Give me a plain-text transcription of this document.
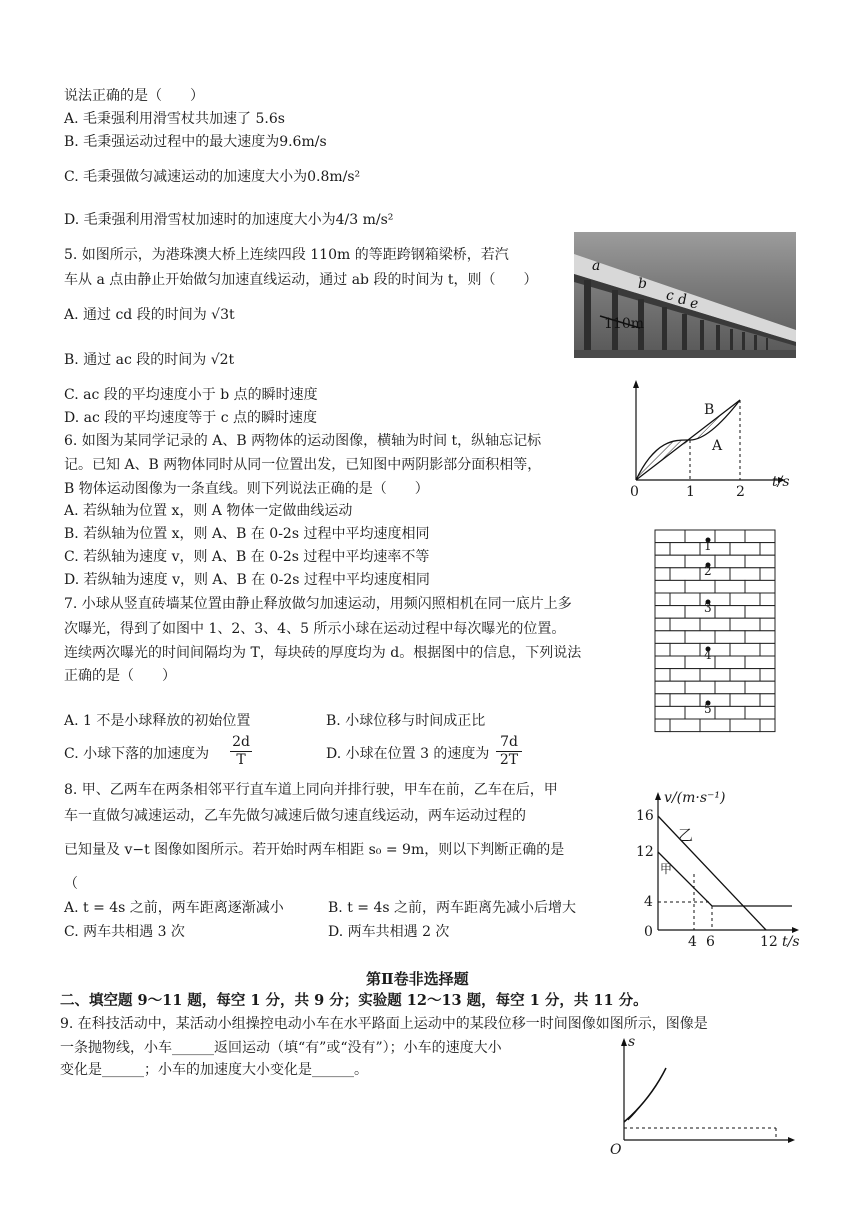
说法正确的是（　　）
A. 毛秉强利用滑雪杖共加速了 5.6s
B. 毛秉强运动过程中的最大速度为9.6m/s
C. 毛秉强做匀减速运动的加速度大小为0.8m/s²
D. 毛秉强利用滑雪杖加速时的加速度大小为4/3 m/s²
5. 如图所示，为港珠澳大桥上连续四段 110m 的等距跨钢箱梁桥，若汽
车从 a 点由静止开始做匀加速直线运动，通过 ab 段的时间为 t，则（　　）
A. 通过 cd 段的时间为 √3t
B. 通过 ac 段的时间为 √2t
C. ac 段的平均速度小于 b 点的瞬时速度
D. ac 段的平均速度等于 c 点的瞬时速度
a
b
c d e
110m
6. 如图为某同学记录的 A、B 两物体的运动图像，横轴为时间 t，纵轴忘记标
记。已知 A、B 两物体同时从同一位置出发，已知图中两阴影部分面积相等，
B 物体运动图像为一条直线。则下列说法正确的是（　　）
A. 若纵轴为位置 x，则 A 物体一定做曲线运动
B. 若纵轴为位置 x，则 A、B 在 0-2s 过程中平均速度相同
C. 若纵轴为速度 v，则 A、B 在 0-2s 过程中平均速率不等
D. 若纵轴为速度 v，则 A、B 在 0-2s 过程中平均速度相同
0	1	2
t/s
A
B
7. 小球从竖直砖墙某位置由静止释放做匀加速运动，用频闪照相机在同一底片上多
次曝光，得到了如图中 1、2、3、4、5 所示小球在运动过程中每次曝光的位置。
连续两次曝光的时间间隔均为 T，每块砖的厚度均为 d。根据图中的信息，下列说法
正确的是（　　）
A. 1 不是小球释放的初始位置	B. 小球位移与时间成正比
C. 小球下落的加速度为 $\frac{2d}{T}$	D. 小球在位置 3 的速度为 $\frac{7d}{2T}$
1
2
3
4
5
8. 甲、乙两车在两条相邻平行直车道上同向并排行驶，甲车在前，乙车在后，甲
车一直做匀减速运动，乙车先做匀减速后做匀速直线运动，两车运动过程的
已知量及 v−t 图像如图所示。若开始时两车相距 s₀ = 9m，则以下判断正确的是
（
A. t = 4s 之前，两车距离逐渐减小	B. t = 4s 之前，两车距离先减小后增大
C. 两车共相遇 3 次	D. 两车共相遇 2 次
v/(m·s⁻¹)
16
12
4
0
4 6	12 t/s
甲
乙
第Ⅱ卷非选择题
二、填空题 9～11 题，每空 1 分，共 9 分；实验题 12～13 题，每空 1 分，共 11 分。
9. 在科技活动中，某活动小组操控电动小车在水平路面上运动中的某段位移一时间图像如图所示，图像是
一条抛物线，小车______返回运动（填“有”或“没有”）；小车的速度大小
变化是______；小车的加速度大小变化是______。
s
O
